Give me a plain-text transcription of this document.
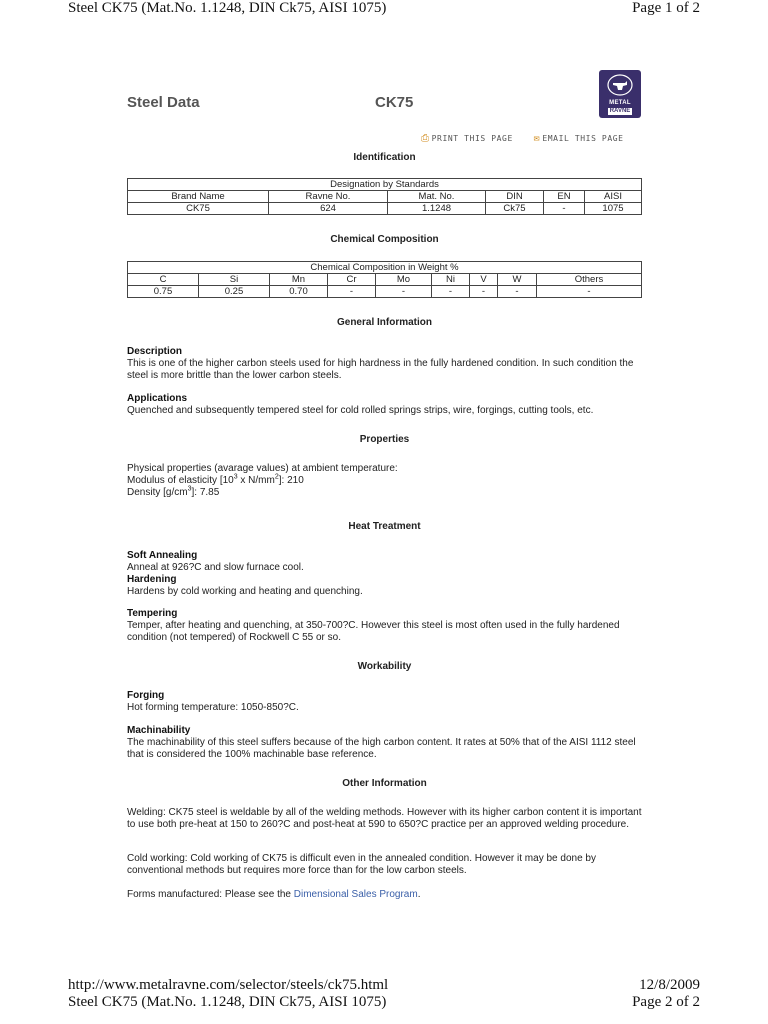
Steel CK75 (Mat.No. 1.1248, DIN Ck75, AISI 1075)	Page 1 of 2
Steel Data	CK75	METAL
RAVNE
⎙ PRINT THIS PAGE ✉ EMAIL THIS PAGE
Identification
Designation by Standards					
Brand Name	Ravne No.	Mat. No.	DIN	EN	AISI
CK75	624	1.1248	Ck75	-	1075
Chemical Composition
Chemical Composition in Weight %								
C	Si	Mn	Cr	Mo	Ni	V	W	Others
0.75	0.25	0.70	-	-	-	-	-	-
General Information
Description
This is one of the higher carbon steels used for high hardness in the fully hardened condition. In such condition the steel is more brittle than the lower carbon steels.
Applications
Quenched and subsequently tempered steel for cold rolled springs strips, wire, forgings, cutting tools, etc.
Properties
Physical properties (avarage values) at ambient temperature:
Modulus of elasticity [$10^3$ x $N/mm^2$]: 210
Density $[g/cm^3]$: 7.85
Heat Treatment
Soft Annealing
Anneal at 926?C and slow furnace cool.
Hardening
Hardens by cold working and heating and quenching.
Tempering
Temper, after heating and quenching, at 350-700?C. However this steel is most often used in the fully hardened condition (not tempered) of Rockwell C 55 or so.
Workability
Forging
Hot forming temperature: 1050-850?C.
Machinability
The machinability of this steel suffers because of the high carbon content. It rates at 50% that of the AISI 1112 steel that is considered the 100% machinable base reference.
Other Information
Welding: CK75 steel is weldable by all of the welding methods. However with its higher carbon content it is important to use both pre-heat at 150 to 260?C and post-heat at 590 to 650?C practice per an approved welding procedure.
Cold working: Cold working of CK75 is difficult even in the annealed condition. However it may be done by conventional methods but requires more force than for the low carbon steels.
Forms manufactured: Please see the Dimensional Sales Program.
http://www.metalravne.com/selector/steels/ck75.html	12/8/2009
Steel CK75 (Mat.No. 1.1248, DIN Ck75, AISI 1075)	Page 2 of 2
